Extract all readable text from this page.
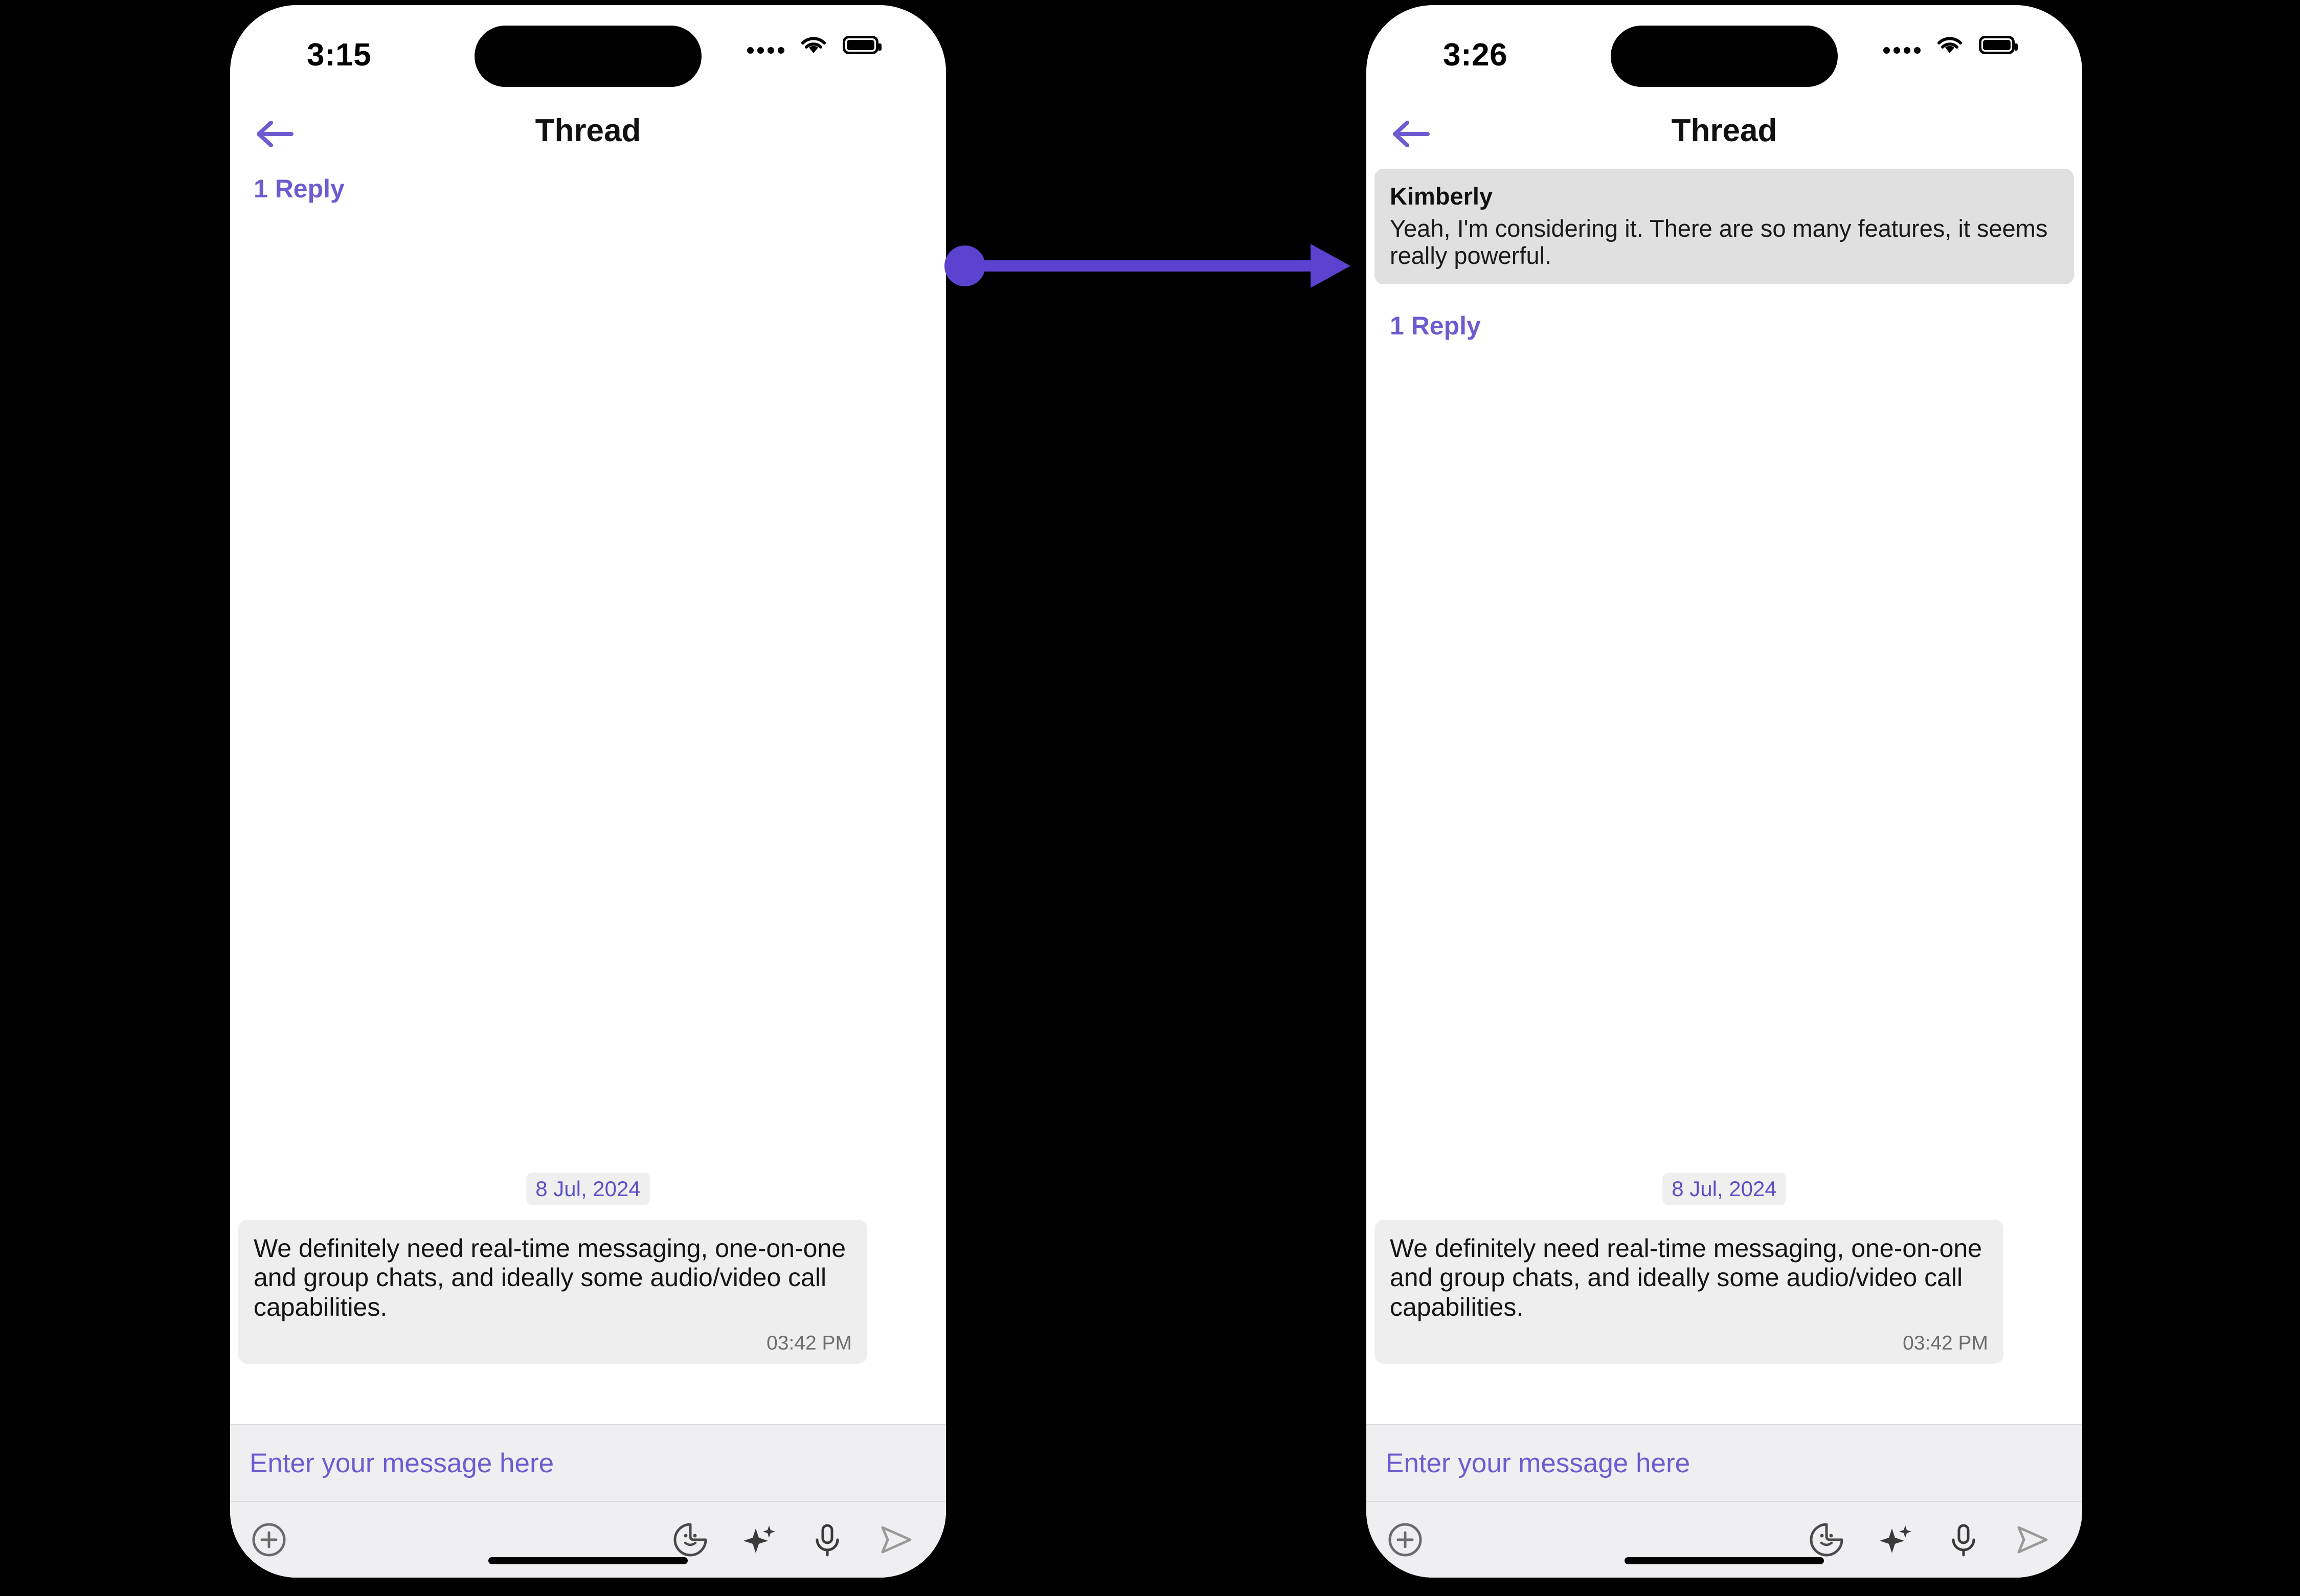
3:15
Thread
1 Reply
8 Jul, 2024
We definitely need real-time messaging, one-on-one and group chats, and ideally some audio/video call capabilities.
03:42 PM
Enter your message here
3:26
Thread
Kimberly
Yeah, I'm considering it. There are so many features, it seems really powerful.
1 Reply
8 Jul, 2024
We definitely need real-time messaging, one-on-one and group chats, and ideally some audio/video call capabilities.
03:42 PM
Enter your message here
